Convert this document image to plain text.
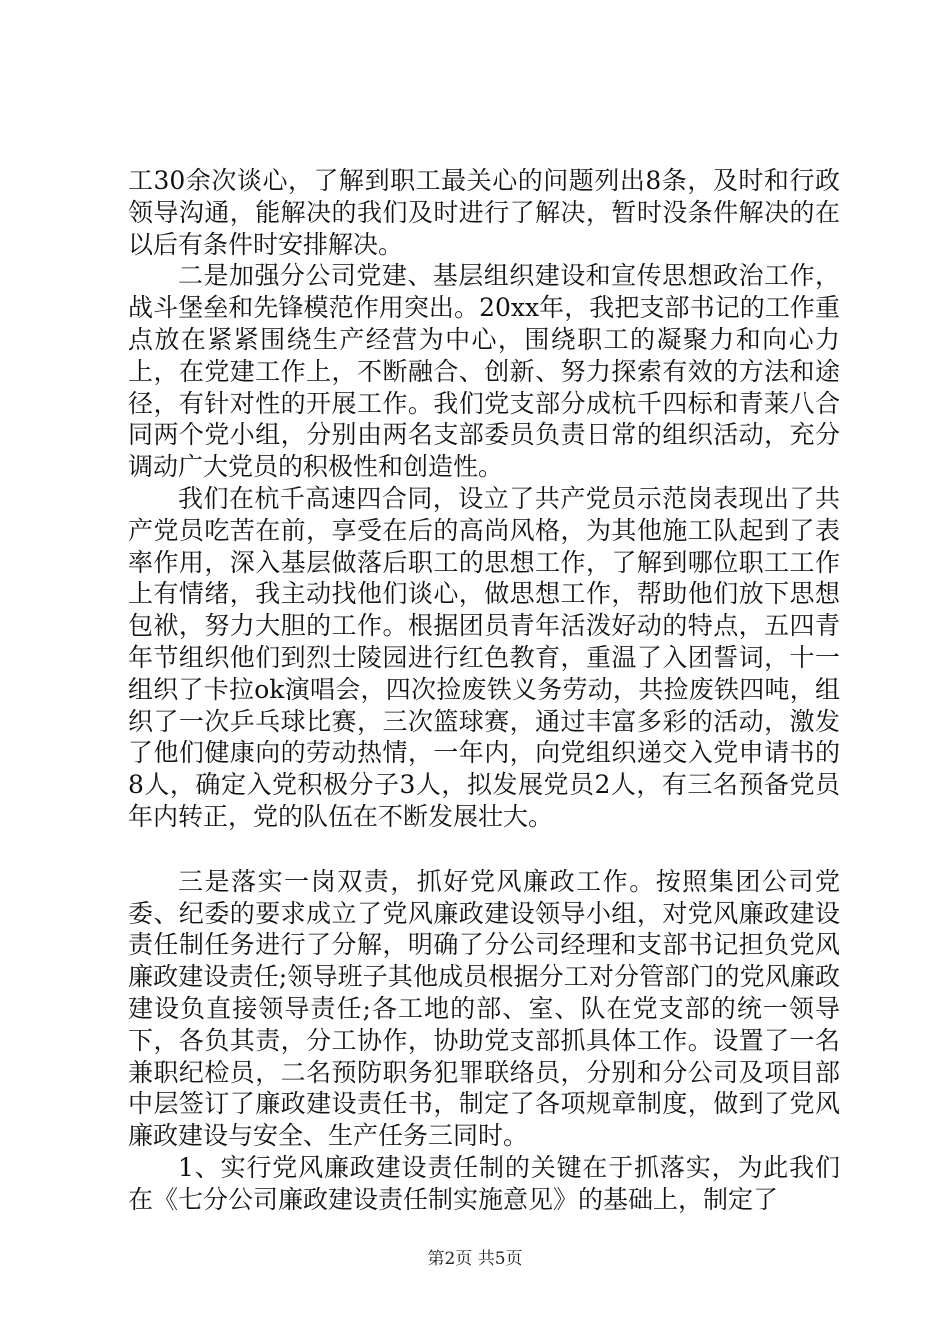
工30余次谈心，了解到职工最关心的问题列出8条，及时和行政领导沟通，能解决的我们及时进行了解决，暂时没条件解决的在以后有条件时安排解决。

二是加强分公司党建、基层组织建设和宣传思想政治工作，战斗堡垒和先锋模范作用突出。20xx年，我把支部书记的工作重点放在紧紧围绕生产经营为中心，围绕职工的凝聚力和向心力上，在党建工作上，不断融合、创新、努力探索有效的方法和途径，有针对性的开展工作。我们党支部分成杭千四标和青莱八合同两个党小组，分别由两名支部委员负责日常的组织活动，充分调动广大党员的积极性和创造性。

我们在杭千高速四合同，设立了共产党员示范岗表现出了共产党员吃苦在前，享受在后的高尚风格，为其他施工队起到了表率作用，深入基层做落后职工的思想工作，了解到哪位职工工作上有情绪，我主动找他们谈心，做思想工作，帮助他们放下思想包袱，努力大胆的工作。根据团员青年活泼好动的特点，五四青年节组织他们到烈士陵园进行红色教育，重温了入团誓词，十一组织了卡拉ok演唱会，四次捡废铁义务劳动，共捡废铁四吨，组织了一次乒乓球比赛，三次篮球赛，通过丰富多彩的活动，激发了他们健康向的劳动热情，一年内，向党组织递交入党申请书的8人，确定入党积极分子3人，拟发展党员2人，有三名预备党员年内转正，党的队伍在不断发展壮大。

三是落实一岗双责，抓好党风廉政工作。按照集团公司党委、纪委的要求成立了党风廉政建设领导小组，对党风廉政建设责任制任务进行了分解，明确了分公司经理和支部书记担负党风廉政建设责任;领导班子其他成员根据分工对分管部门的党风廉政建设负直接领导责任;各工地的部、室、队在党支部的统一领导下，各负其责，分工协作，协助党支部抓具体工作。设置了一名兼职纪检员，二名预防职务犯罪联络员，分别和分公司及项目部中层签订了廉政建设责任书，制定了各项规章制度，做到了党风廉政建设与安全、生产任务三同时。

1、实行党风廉政建设责任制的关键在于抓落实，为此我们在《七分公司廉政建设责任制实施意见》的基础上，制定了

第2页 共5页
